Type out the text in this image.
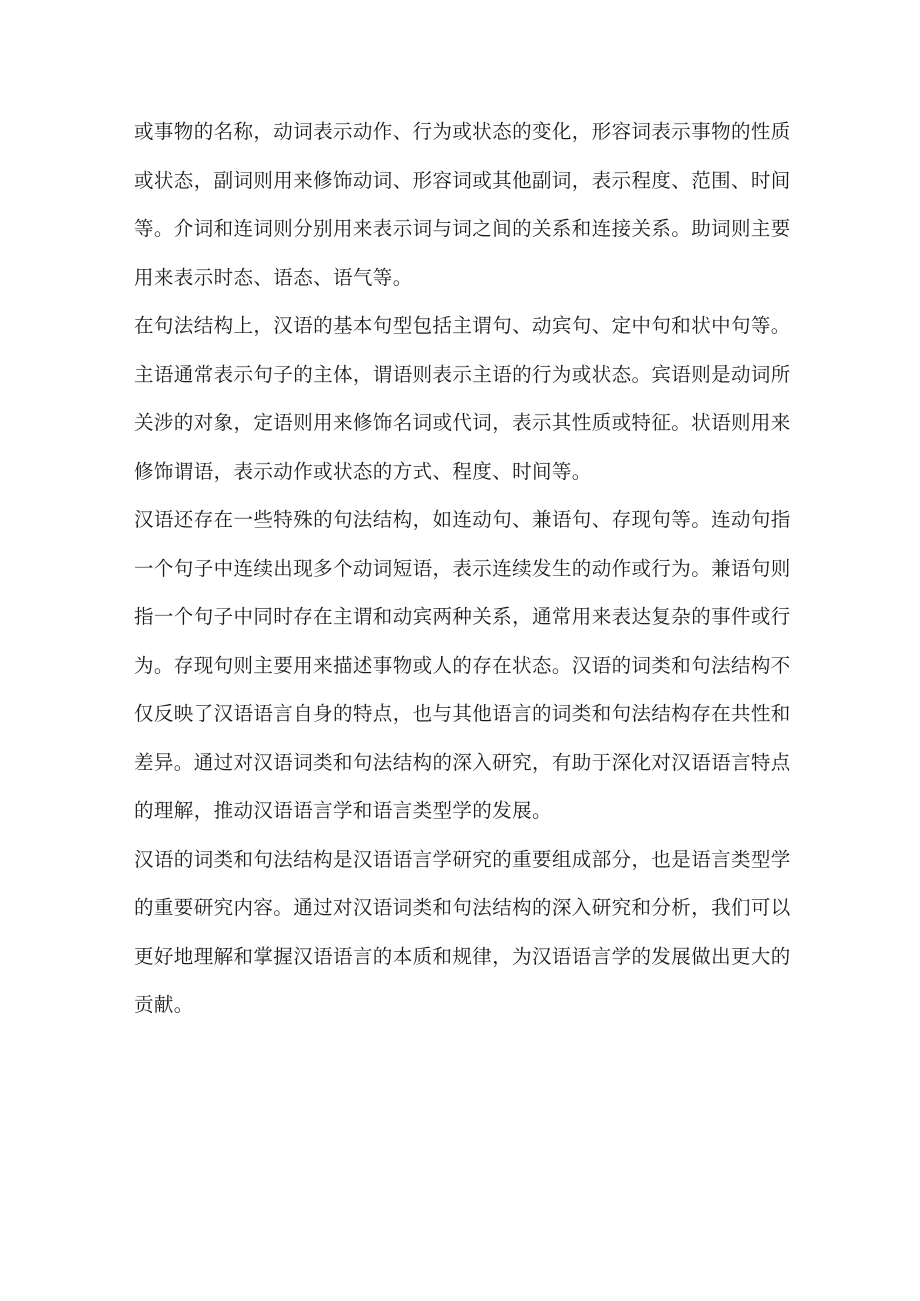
或事物的名称，动词表示动作、行为或状态的变化，形容词表示事物的性质
或状态，副词则用来修饰动词、形容词或其他副词，表示程度、范围、时间
等。介词和连词则分别用来表示词与词之间的关系和连接关系。助词则主要
用来表示时态、语态、语气等。
在句法结构上，汉语的基本句型包括主谓句、动宾句、定中句和状中句等。
主语通常表示句子的主体，谓语则表示主语的行为或状态。宾语则是动词所
关涉的对象，定语则用来修饰名词或代词，表示其性质或特征。状语则用来
修饰谓语，表示动作或状态的方式、程度、时间等。
汉语还存在一些特殊的句法结构，如连动句、兼语句、存现句等。连动句指
一个句子中连续出现多个动词短语，表示连续发生的动作或行为。兼语句则
指一个句子中同时存在主谓和动宾两种关系，通常用来表达复杂的事件或行
为。存现句则主要用来描述事物或人的存在状态。汉语的词类和句法结构不
仅反映了汉语语言自身的特点，也与其他语言的词类和句法结构存在共性和
差异。通过对汉语词类和句法结构的深入研究，有助于深化对汉语语言特点
的理解，推动汉语语言学和语言类型学的发展。
汉语的词类和句法结构是汉语语言学研究的重要组成部分，也是语言类型学
的重要研究内容。通过对汉语词类和句法结构的深入研究和分析，我们可以
更好地理解和掌握汉语语言的本质和规律，为汉语语言学的发展做出更大的
贡献。
